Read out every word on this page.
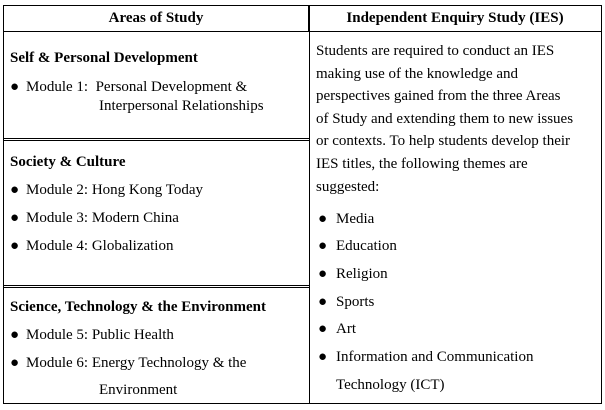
Areas of Study	Independent Enquiry Study (IES)
Self & Personal Development
● Module 1: Personal Development &
Interpersonal Relationships
Society & Culture
● Module 2: Hong Kong Today
● Module 3: Modern China
● Module 4: Globalization
Science, Technology & the Environment
● Module 5: Public Health
● Module 6: Energy Technology & the
Environment
Students are required to conduct an IES
making use of the knowledge and
perspectives gained from the three Areas
of Study and extending them to new issues
or contexts. To help students develop their
IES titles, the following themes are
suggested:
● Media
● Education
● Religion
● Sports
● Art
● Information and Communication
Technology (ICT)
